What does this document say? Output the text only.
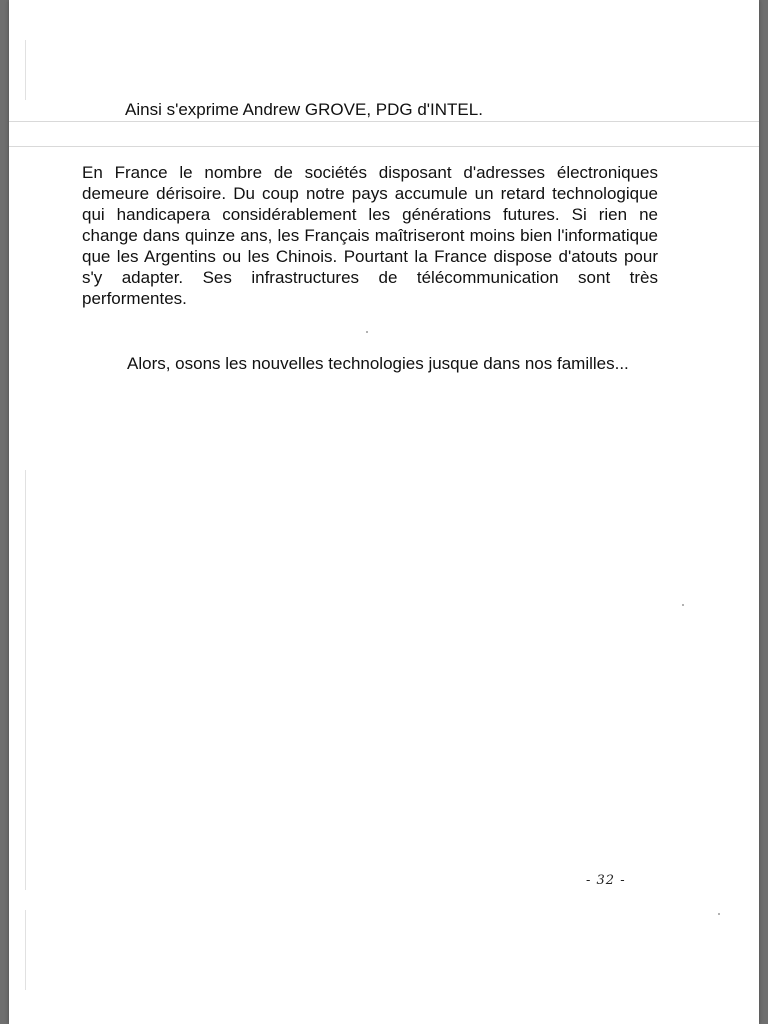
Ainsi s'exprime Andrew GROVE, PDG d'INTEL.

En France le nombre de sociétés disposant d'adresses électroniques demeure dérisoire. Du coup notre pays accumule un retard technologique qui handicapera considérablement les générations futures. Si rien ne change dans quinze ans, les Français maîtriseront moins bien l'informatique que les Argentins ou les Chinois. Pourtant la France dispose d'atouts pour s'y adapter. Ses infrastructures de télécommunication sont très performentes.

Alors, osons les nouvelles technologies jusque dans nos familles...

- 32 -
